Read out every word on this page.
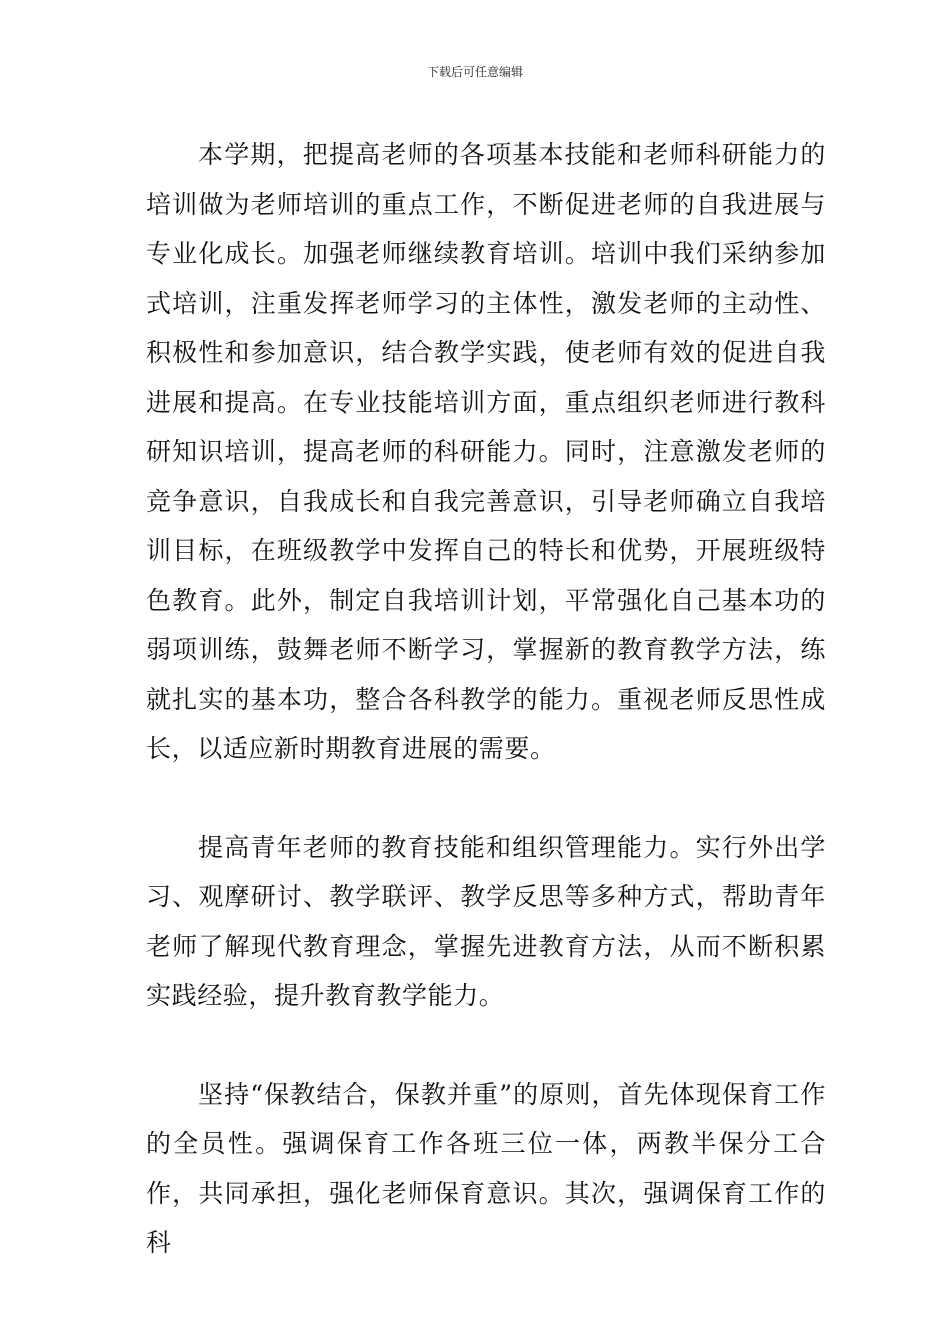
下载后可任意编辑

本学期，把提高老师的各项基本技能和老师科研能力的培训做为老师培训的重点工作，不断促进老师的自我进展与专业化成长。加强老师继续教育培训。培训中我们采纳参加式培训，注重发挥老师学习的主体性，激发老师的主动性、积极性和参加意识，结合教学实践，使老师有效的促进自我进展和提高。在专业技能培训方面，重点组织老师进行教科研知识培训，提高老师的科研能力。同时，注意激发老师的竞争意识，自我成长和自我完善意识，引导老师确立自我培训目标，在班级教学中发挥自己的特长和优势，开展班级特色教育。此外，制定自我培训计划，平常强化自己基本功的弱项训练，鼓舞老师不断学习，掌握新的教育教学方法，练就扎实的基本功，整合各科教学的能力。重视老师反思性成长，以适应新时期教育进展的需要。

提高青年老师的教育技能和组织管理能力。实行外出学习、观摩研讨、教学联评、教学反思等多种方式，帮助青年老师了解现代教育理念，掌握先进教育方法，从而不断积累实践经验，提升教育教学能力。

坚持“保教结合，保教并重”的原则，首先体现保育工作的全员性。强调保育工作各班三位一体，两教半保分工合作，共同承担，强化老师保育意识。其次，强调保育工作的科
